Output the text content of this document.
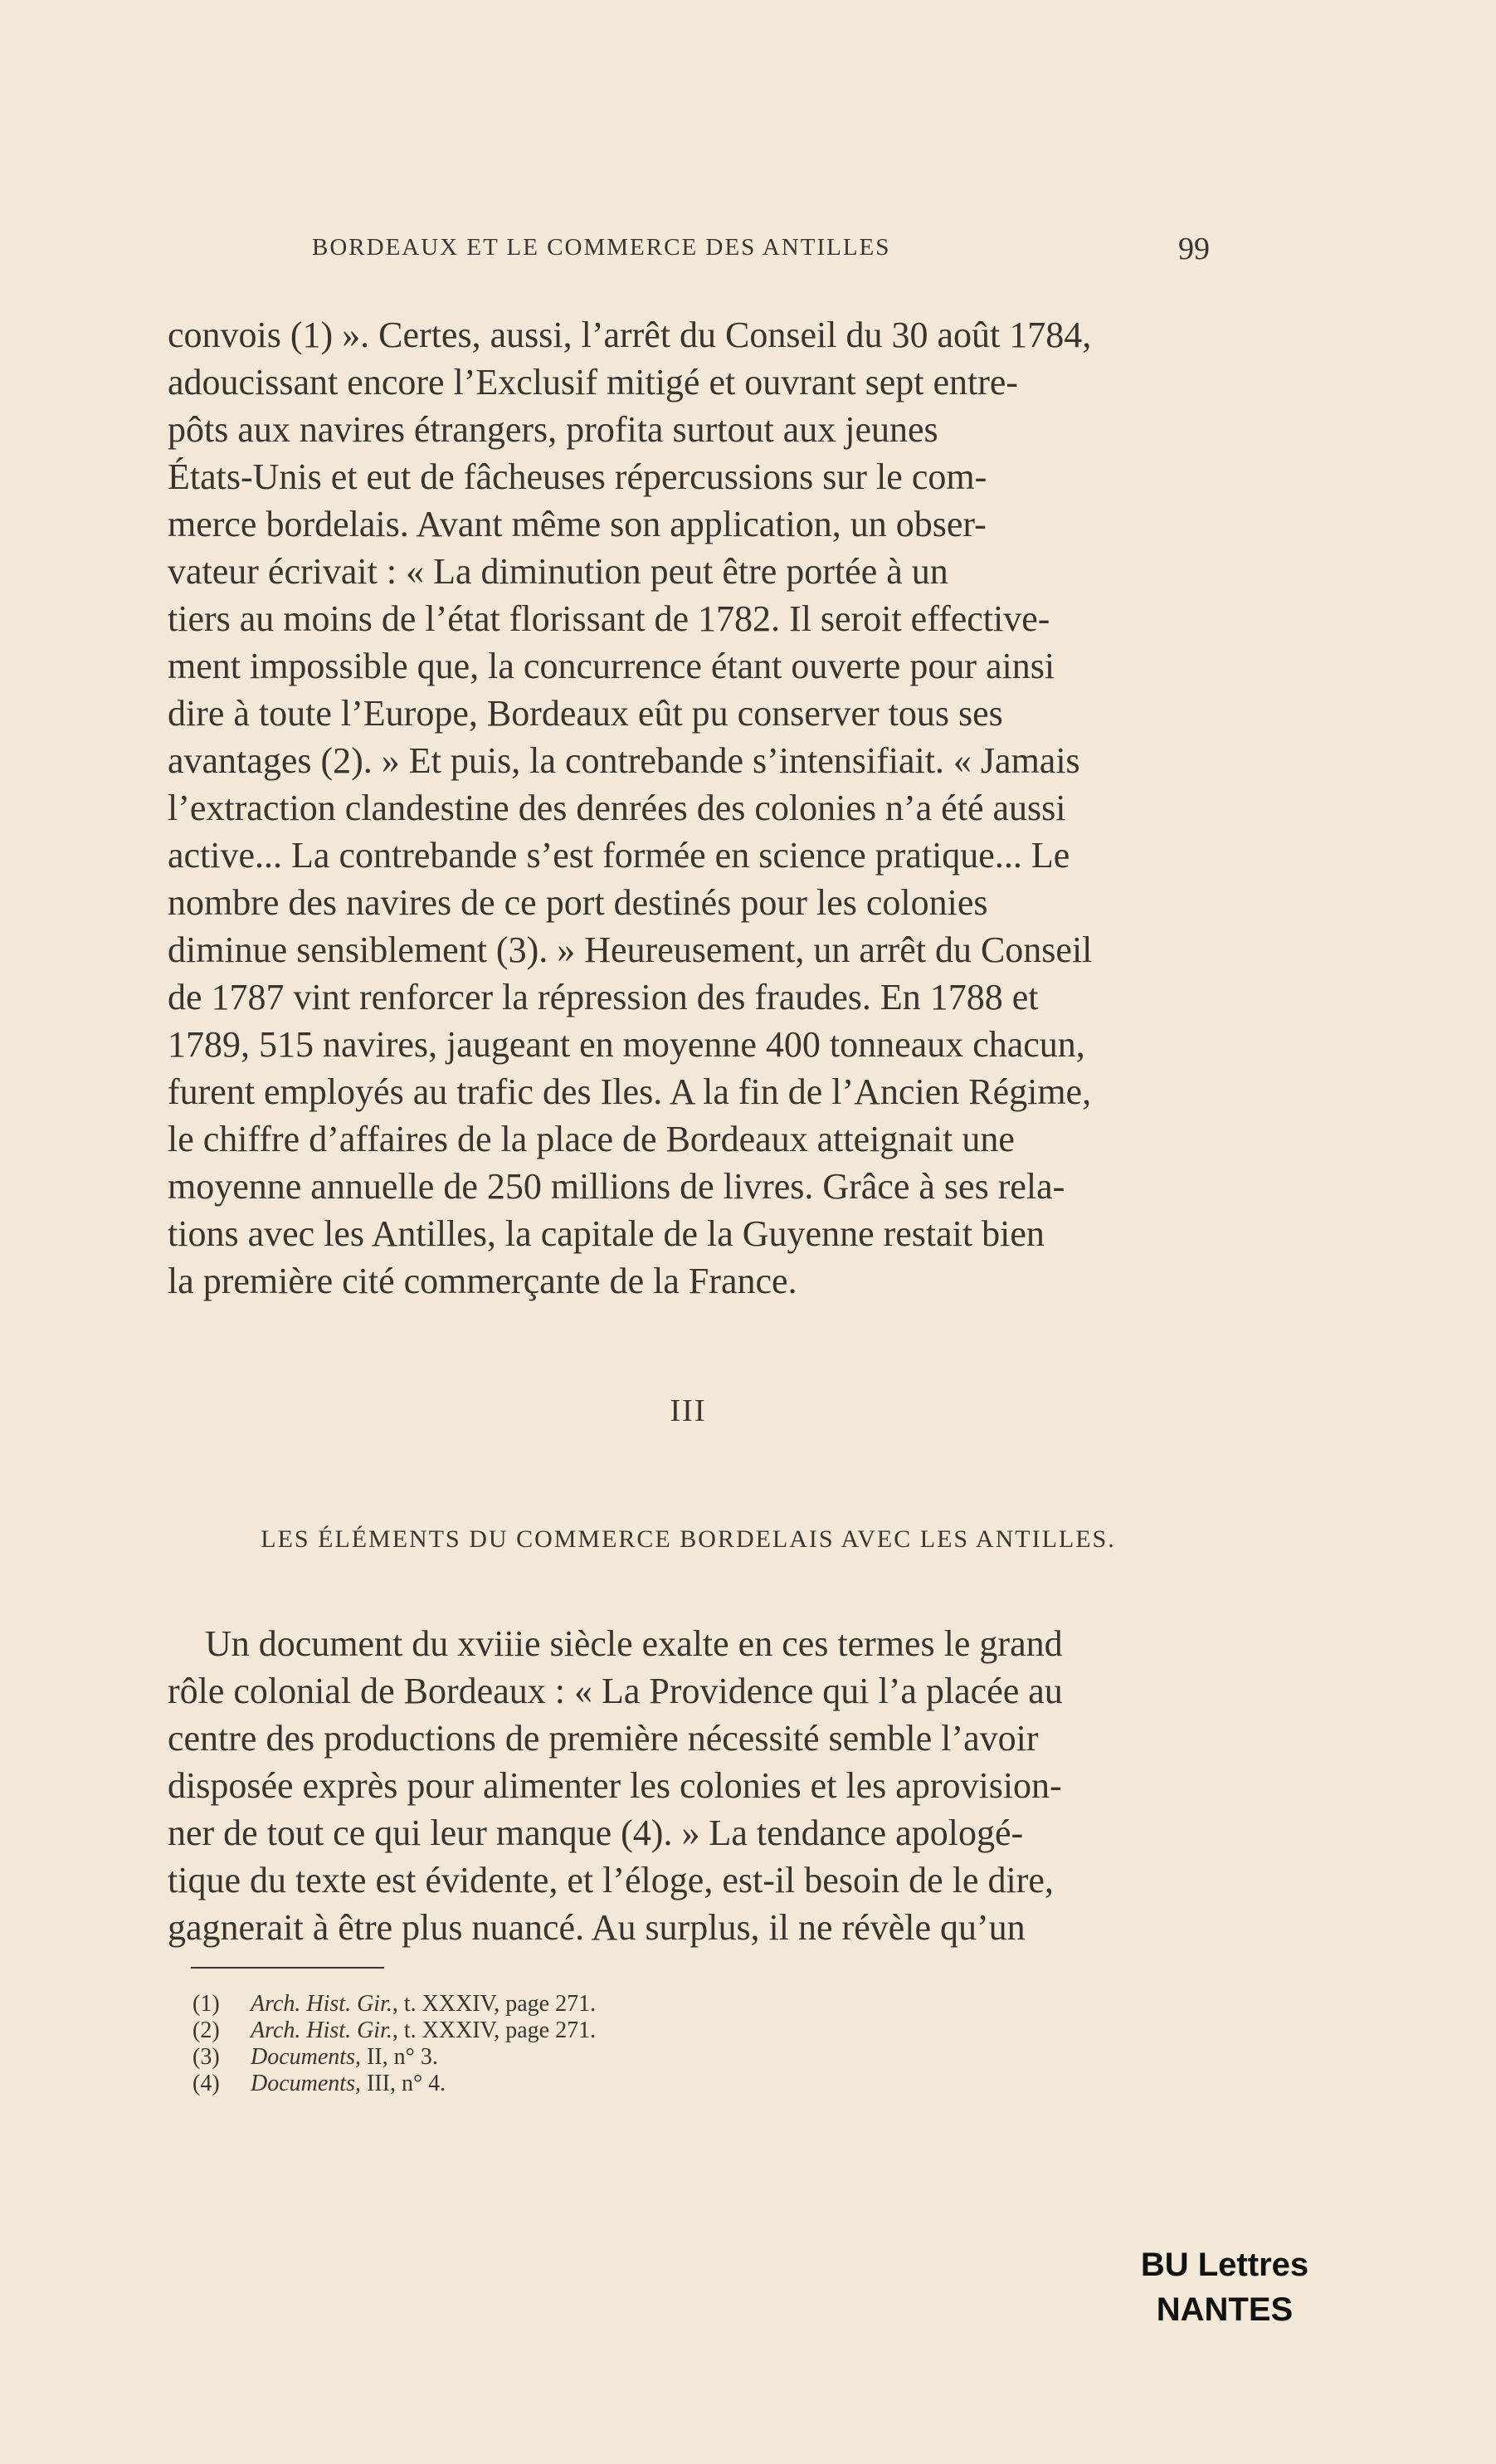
BORDEAUX ET LE COMMERCE DES ANTILLES	99

convois (1) ». Certes, aussi, l’arrêt du Conseil du 30 août 1784,

adoucissant encore l’Exclusif mitigé et ouvrant sept entre-

pôts aux navires étrangers, profita surtout aux jeunes

États-Unis et eut de fâcheuses répercussions sur le com-

merce bordelais. Avant même son application, un obser-

vateur écrivait : « La diminution peut être portée à un

tiers au moins de l’état florissant de 1782. Il seroit effective-

ment impossible que, la concurrence étant ouverte pour ainsi

dire à toute l’Europe, Bordeaux eût pu conserver tous ses

avantages (2). » Et puis, la contrebande s’intensifiait. « Jamais

l’extraction clandestine des denrées des colonies n’a été aussi

active... La contrebande s’est formée en science pratique... Le

nombre des navires de ce port destinés pour les colonies

diminue sensiblement (3). » Heureusement, un arrêt du Conseil

de 1787 vint renforcer la répression des fraudes. En 1788 et

1789, 515 navires, jaugeant en moyenne 400 tonneaux chacun,

furent employés au trafic des Iles. A la fin de l’Ancien Régime,

le chiffre d’affaires de la place de Bordeaux atteignait une

moyenne annuelle de 250 millions de livres. Grâce à ses rela-

tions avec les Antilles, la capitale de la Guyenne restait bien

la première cité commerçante de la France.

III
LES ÉLÉMENTS DU COMMERCE BORDELAIS AVEC LES ANTILLES.

Un document du xviiie siècle exalte en ces termes le grand

rôle colonial de Bordeaux : « La Providence qui l’a placée au

centre des productions de première nécessité semble l’avoir

disposée exprès pour alimenter les colonies et les aprovision-

ner de tout ce qui leur manque (4). » La tendance apologé-

tique du texte est évidente, et l’éloge, est-il besoin de le dire,

gagnerait à être plus nuancé. Au surplus, il ne révèle qu’un

(1) Arch. Hist. Gir., t. XXXIV, page 271.
(2) Arch. Hist. Gir., t. XXXIV, page 271.
(3) Documents, II, n° 3.
(4) Documents, III, n° 4.
BU Lettres
NANTES
